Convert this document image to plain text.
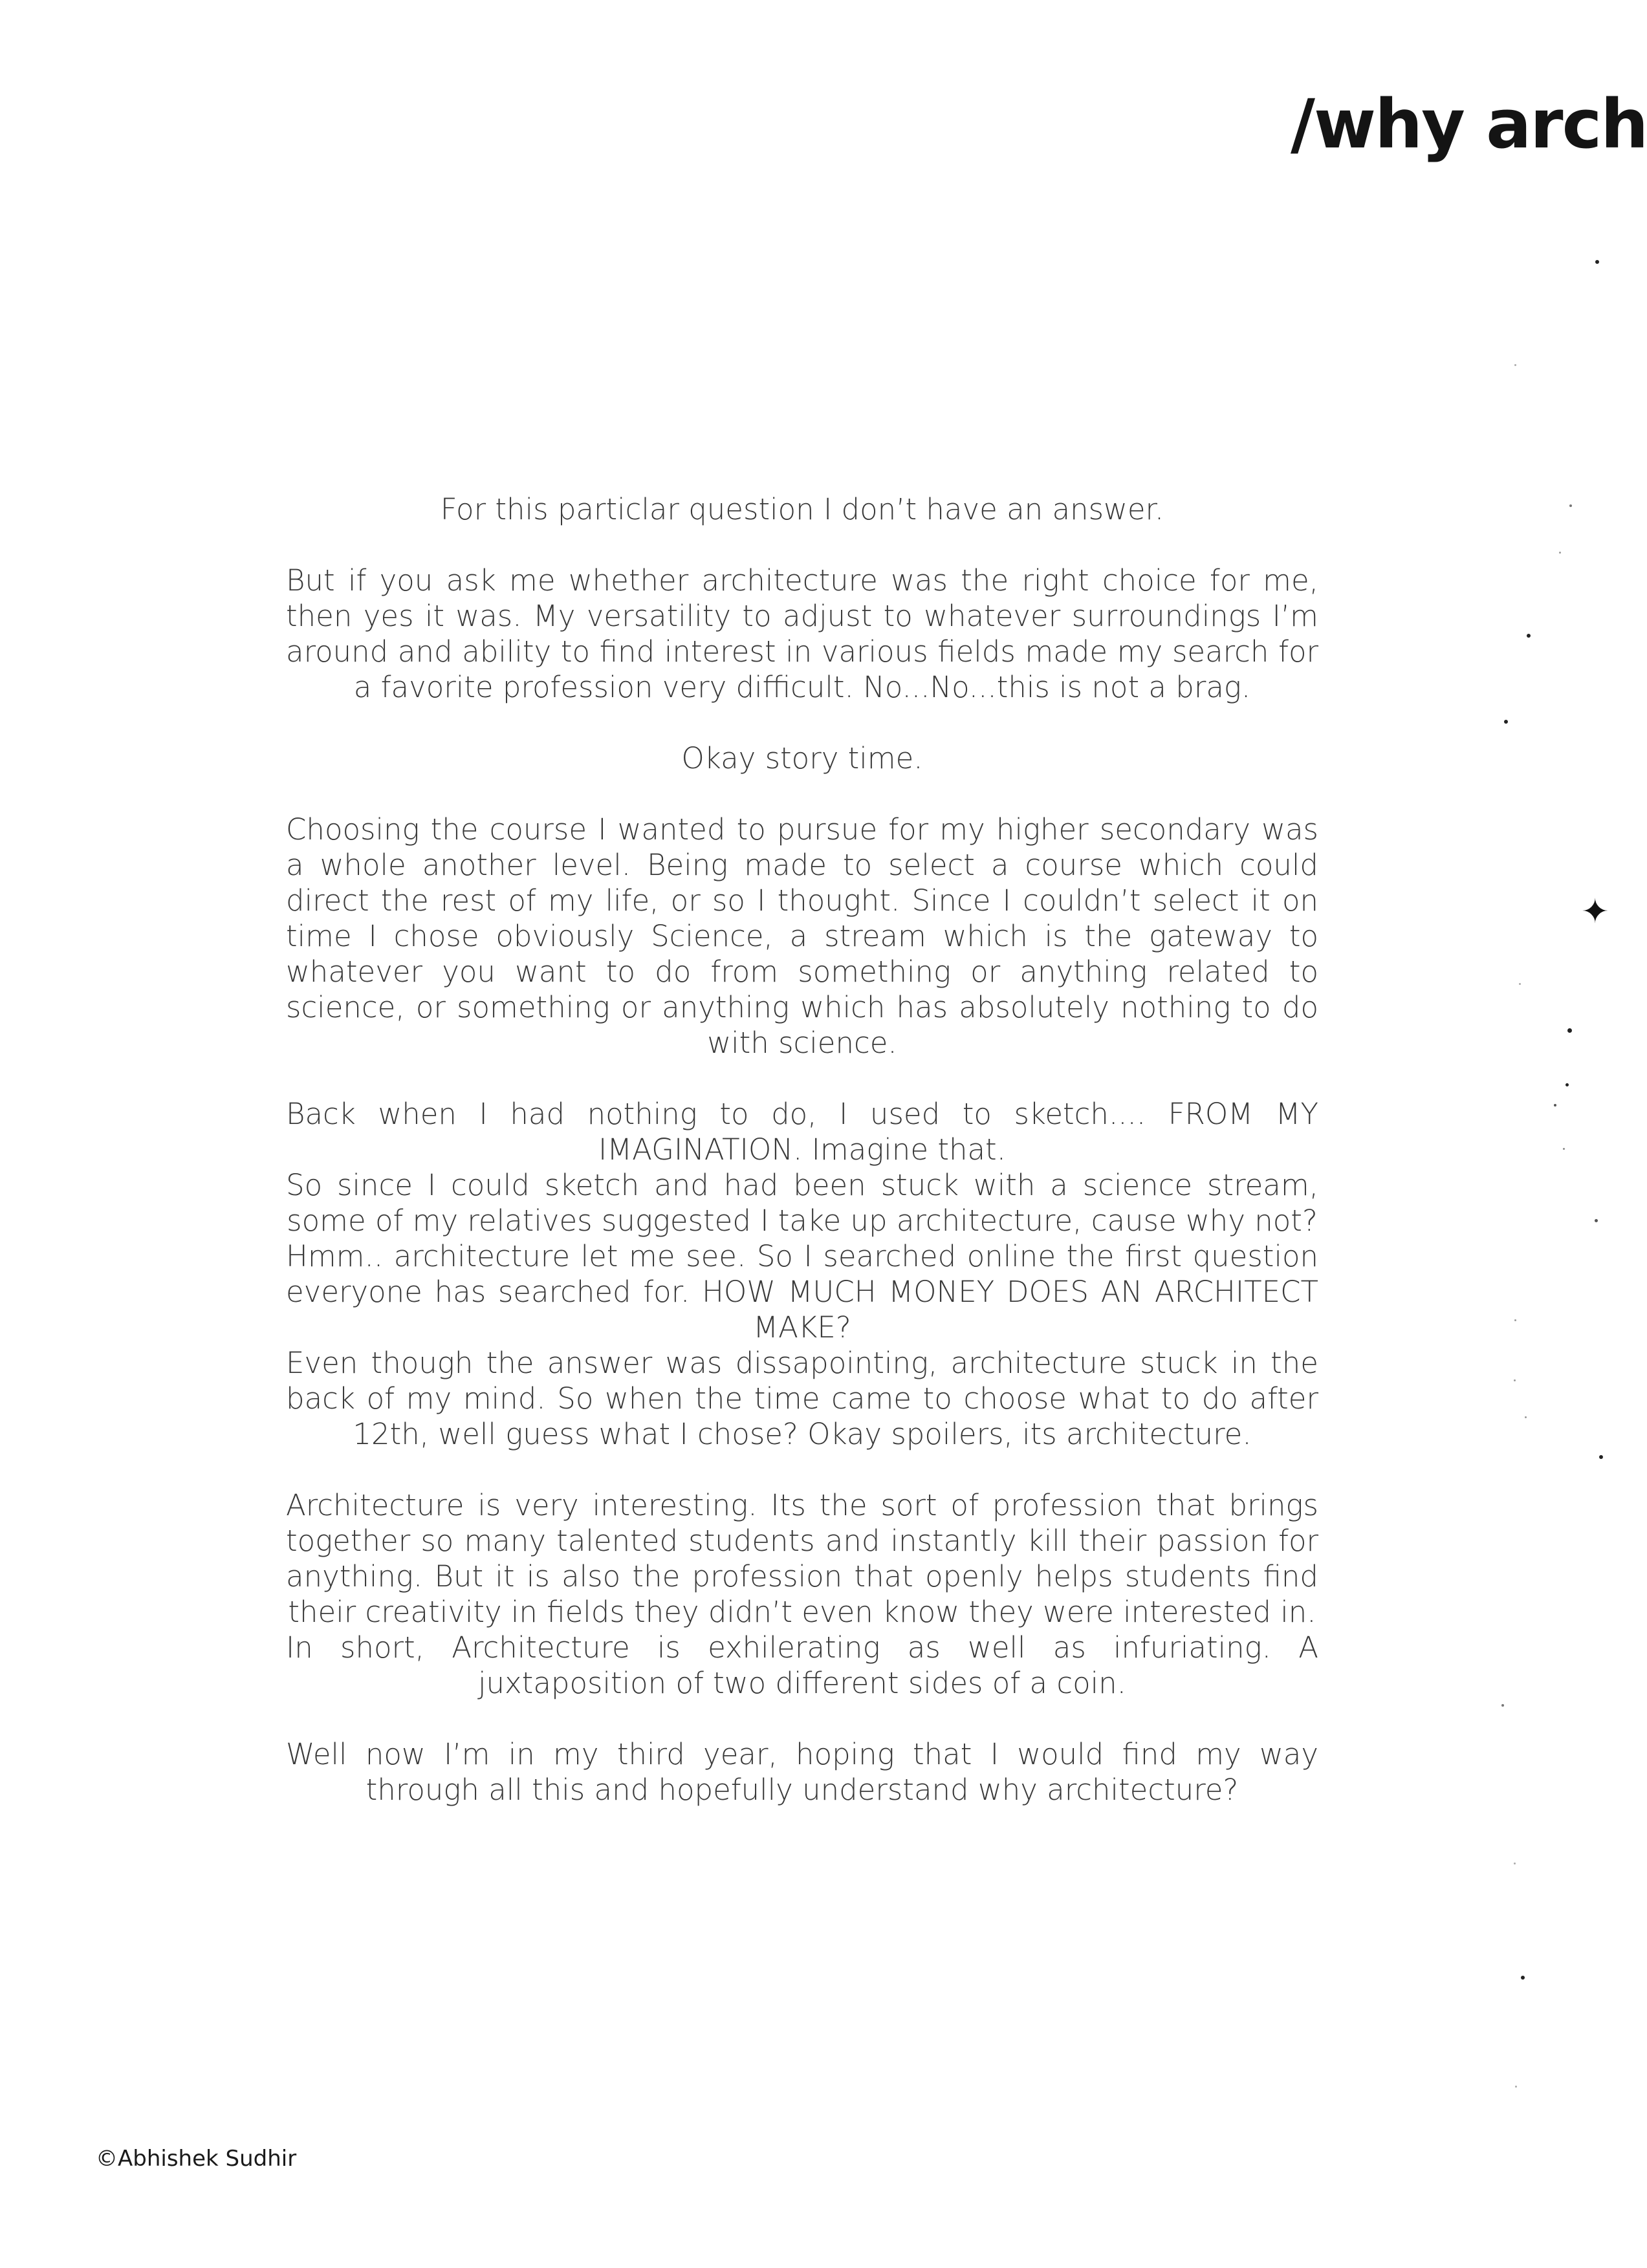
/why arch

For this particlar question I don’t have an answer.

But if you ask me whether architecture was the right choice for me, then yes it was. My versatility to adjust to whatever surroundings I’m around and ability to find interest in various fields made my search for a favorite profession very difficult. No...No...this is not a brag.

Okay story time.

Choosing the course I wanted to pursue for my higher secondary was a whole another level. Being made to select a course which could direct the rest of my life, or so I thought. Since I couldn’t select it on time I chose obviously Science, a stream which is the gateway to whatever you want to do from something or anything related to science, or something or anything which has absolutely nothing to do with science.

Back when I had nothing to do, I used to sketch.... FROM MY IMAGINATION. Imagine that.
So since I could sketch and had been stuck with a science stream, some of my relatives suggested I take up architecture, cause why not?
Hmm.. architecture let me see. So I searched online the first question everyone has searched for. HOW MUCH MONEY DOES AN ARCHITECT MAKE?
Even though the answer was dissapointing, architecture stuck in the back of my mind. So when the time came to choose what to do after 12th, well guess what I chose? Okay spoilers, its architecture.
Architecture is very interesting. Its the sort of profession that brings together so many talented students and instantly kill their passion for anything. But it is also the profession that openly helps students find their creativity in fields they didn’t even know they were interested in.
In short, Architecture is exhilerating as well as infuriating. A juxtaposition of two different sides of a coin.

Well now I’m in my third year, hoping that I would find my way through all this and hopefully understand why architecture?

©Abhishek Sudhir

✦
